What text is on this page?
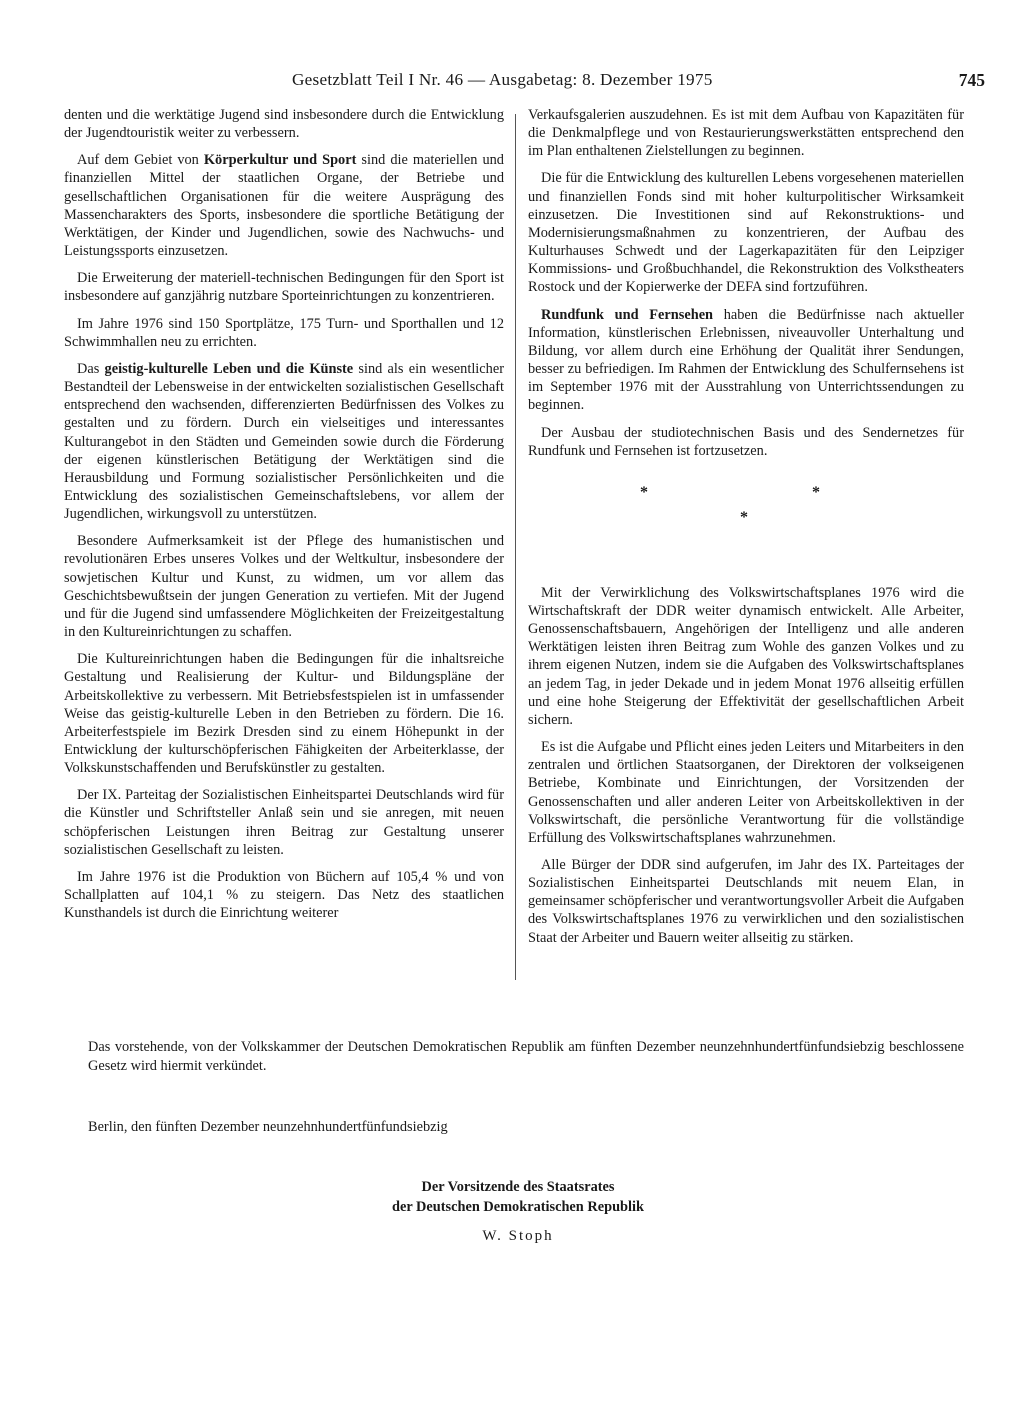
Gesetzblatt Teil I Nr. 46 — Ausgabetag: 8. Dezember 1975	745

denten und die werktätige Jugend sind insbesondere durch die Entwicklung der Jugendtouristik weiter zu verbessern.

Auf dem Gebiet von Körperkultur und Sport sind die materiellen und finanziellen Mittel der staatlichen Organe, der Betriebe und gesellschaftlichen Organisationen für die weitere Ausprägung des Massencharakters des Sports, insbesondere die sportliche Betätigung der Werktätigen, der Kinder und Jugendlichen, sowie des Nachwuchs- und Leistungssports einzusetzen.

Die Erweiterung der materiell-technischen Bedingungen für den Sport ist insbesondere auf ganzjährig nutzbare Sporteinrichtungen zu konzentrieren.

Im Jahre 1976 sind 150 Sportplätze, 175 Turn- und Sporthallen und 12 Schwimmhallen neu zu errichten.

Das geistig-kulturelle Leben und die Künste sind als ein wesentlicher Bestandteil der Lebensweise in der entwickelten sozialistischen Gesellschaft entsprechend den wachsenden, differenzierten Bedürfnissen des Volkes zu gestalten und zu fördern. Durch ein vielseitiges und interessantes Kulturangebot in den Städten und Gemeinden sowie durch die Förderung der eigenen künstlerischen Betätigung der Werktätigen sind die Herausbildung und Formung sozialistischer Persönlichkeiten und die Entwicklung des sozialistischen Gemeinschaftslebens, vor allem der Jugendlichen, wirkungsvoll zu unterstützen.

Besondere Aufmerksamkeit ist der Pflege des humanistischen und revolutionären Erbes unseres Volkes und der Weltkultur, insbesondere der sowjetischen Kultur und Kunst, zu widmen, um vor allem das Geschichtsbewußtsein der jungen Generation zu vertiefen. Mit der Jugend und für die Jugend sind umfassendere Möglichkeiten der Freizeitgestaltung in den Kultureinrichtungen zu schaffen.

Die Kultureinrichtungen haben die Bedingungen für die inhaltsreiche Gestaltung und Realisierung der Kultur- und Bildungspläne der Arbeitskollektive zu verbessern. Mit Betriebsfestspielen ist in umfassender Weise das geistig-kulturelle Leben in den Betrieben zu fördern. Die 16. Arbeiterfestspiele im Bezirk Dresden sind zu einem Höhepunkt in der Entwicklung der kulturschöpferischen Fähigkeiten der Arbeiterklasse, der Volkskunstschaffenden und Berufskünstler zu gestalten.

Der IX. Parteitag der Sozialistischen Einheitspartei Deutschlands wird für die Künstler und Schriftsteller Anlaß sein und sie anregen, mit neuen schöpferischen Leistungen ihren Beitrag zur Gestaltung unserer sozialistischen Gesellschaft zu leisten.

Im Jahre 1976 ist die Produktion von Büchern auf 105,4 % und von Schallplatten auf 104,1 % zu steigern. Das Netz des staatlichen Kunsthandels ist durch die Einrichtung weiterer

Verkaufsgalerien auszudehnen. Es ist mit dem Aufbau von Kapazitäten für die Denkmalpflege und von Restaurierungswerkstätten entsprechend den im Plan enthaltenen Zielstellungen zu beginnen.

Die für die Entwicklung des kulturellen Lebens vorgesehenen materiellen und finanziellen Fonds sind mit hoher kulturpolitischer Wirksamkeit einzusetzen. Die Investitionen sind auf Rekonstruktions- und Modernisierungsmaßnahmen zu konzentrieren, der Aufbau des Kulturhauses Schwedt und der Lagerkapazitäten für den Leipziger Kommissions- und Großbuchhandel, die Rekonstruktion des Volkstheaters Rostock und der Kopierwerke der DEFA sind fortzuführen.

Rundfunk und Fernsehen haben die Bedürfnisse nach aktueller Information, künstlerischen Erlebnissen, niveauvoller Unterhaltung und Bildung, vor allem durch eine Erhöhung der Qualität ihrer Sendungen, besser zu befriedigen. Im Rahmen der Entwicklung des Schulfernsehens ist im September 1976 mit der Ausstrahlung von Unterrichtssendungen zu beginnen.

Der Ausbau der studiotechnischen Basis und des Sendernetzes für Rundfunk und Fernsehen ist fortzusetzen.

*	*
*

Mit der Verwirklichung des Volkswirtschaftsplanes 1976 wird die Wirtschaftskraft der DDR weiter dynamisch entwickelt. Alle Arbeiter, Genossenschaftsbauern, Angehörigen der Intelligenz und alle anderen Werktätigen leisten ihren Beitrag zum Wohle des ganzen Volkes und zu ihrem eigenen Nutzen, indem sie die Aufgaben des Volkswirtschaftsplanes an jedem Tag, in jeder Dekade und in jedem Monat 1976 allseitig erfüllen und eine hohe Steigerung der Effektivität der gesellschaftlichen Arbeit sichern.

Es ist die Aufgabe und Pflicht eines jeden Leiters und Mitarbeiters in den zentralen und örtlichen Staatsorganen, der Direktoren der volkseigenen Betriebe, Kombinate und Einrichtungen, der Vorsitzenden der Genossenschaften und aller anderen Leiter von Arbeitskollektiven in der Volkswirtschaft, die persönliche Verantwortung für die vollständige Erfüllung des Volkswirtschaftsplanes wahrzunehmen.

Alle Bürger der DDR sind aufgerufen, im Jahr des IX. Parteitages der Sozialistischen Einheitspartei Deutschlands mit neuem Elan, in gemeinsamer schöpferischer und verantwortungsvoller Arbeit die Aufgaben des Volkswirtschaftsplanes 1976 zu verwirklichen und den sozialistischen Staat der Arbeiter und Bauern weiter allseitig zu stärken.

Das vorstehende, von der Volkskammer der Deutschen Demokratischen Republik am fünften Dezember neunzehnhundertfünfundsiebzig beschlossene Gesetz wird hiermit verkündet.
Berlin, den fünften Dezember neunzehnhundertfünfundsiebzig
Der Vorsitzende des Staatsrates
der Deutschen Demokratischen Republik
W. Stoph
